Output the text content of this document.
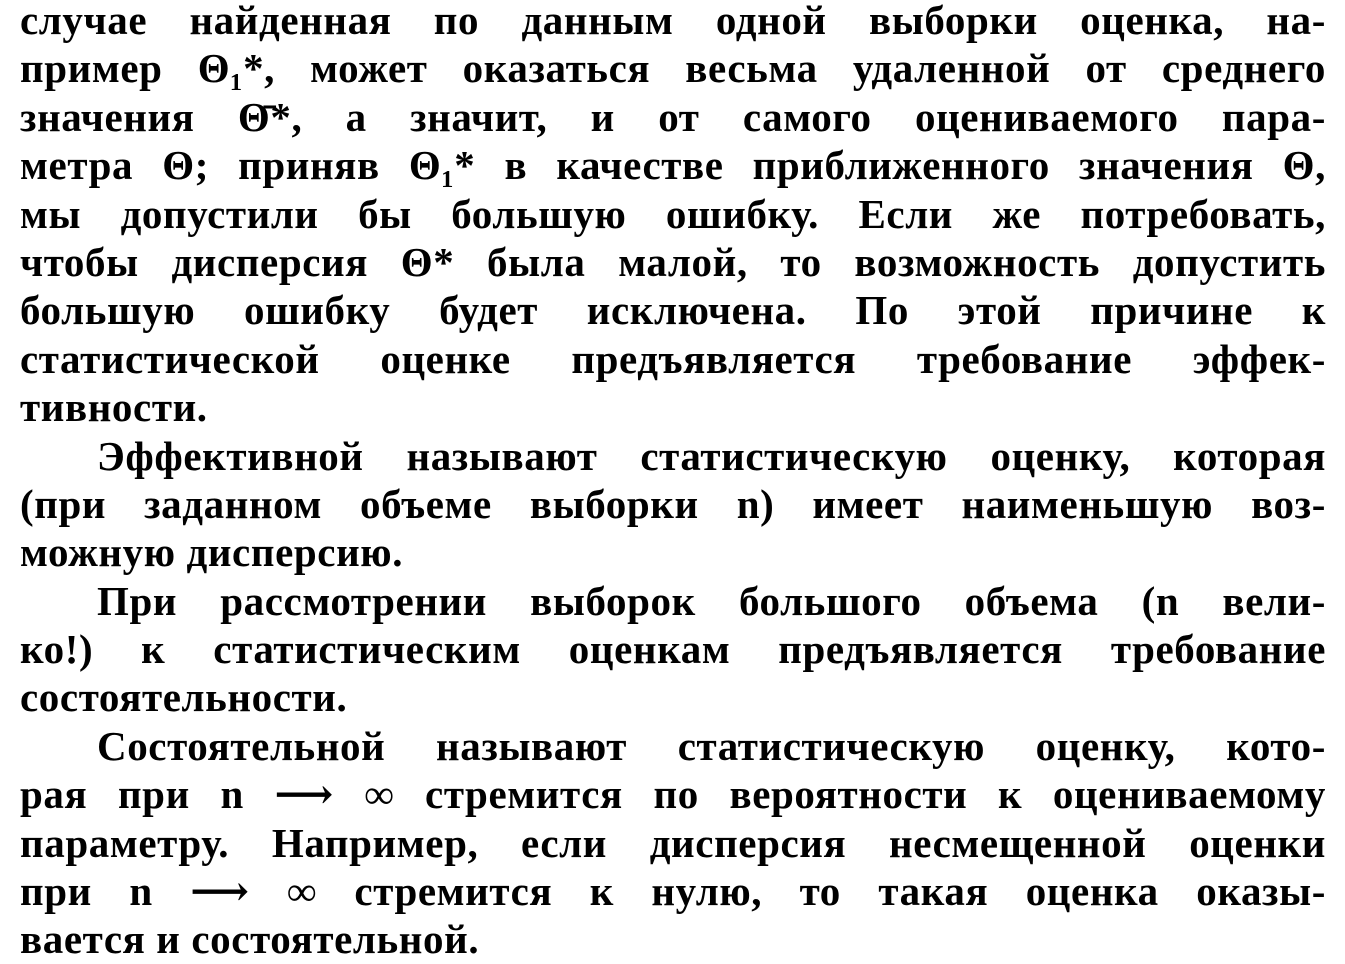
случае найденная по данным одной выборки оценка, на-
пример Θ₁*, может оказаться весьма удаленной от среднего
значения Θ̄*, а значит, и от самого оцениваемого пара-
метра Θ; приняв Θ₁* в качестве приближенного значения Θ,
мы допустили бы большую ошибку. Если же потребовать,
чтобы дисперсия Θ* была малой, то возможность допустить
большую ошибку будет исключена. По этой причине к
статистической оценке предъявляется требование эффек-
тивности.
Эффективной называют статистическую оценку, которая
(при заданном объеме выборки n) имеет наименьшую воз-
можную дисперсию.
При рассмотрении выборок большого объема (n вели-
ко!) к статистическим оценкам предъявляется требование
состоятельности.
Состоятельной называют статистическую оценку, кото-
рая при n ⟶ ∞ стремится по вероятности к оцениваемому
параметру. Например, если дисперсия несмещенной оценки
при n ⟶ ∞ стремится к нулю, то такая оценка оказы-
вается и состоятельной.
